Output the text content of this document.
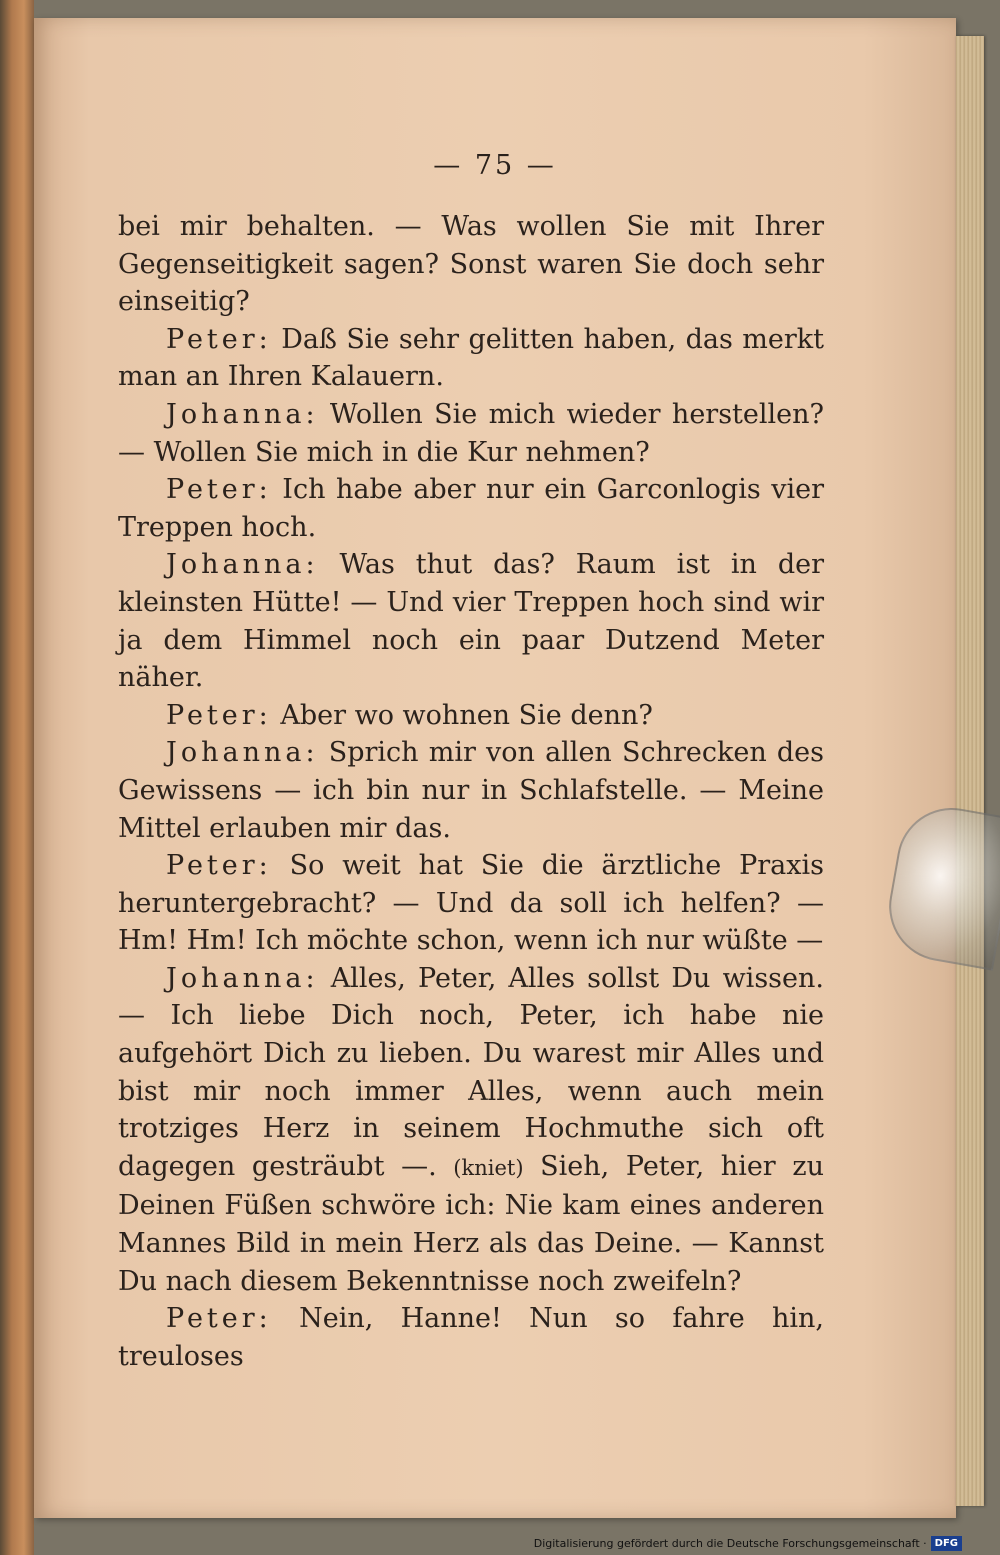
— 75 —

bei mir behalten. — Was wollen Sie mit Ihrer Gegenseitigkeit sagen? Sonst waren Sie doch sehr einseitig?

Peter: Daß Sie sehr gelitten haben, das merkt man an Ihren Kalauern.

Johanna: Wollen Sie mich wieder herstellen? — Wollen Sie mich in die Kur nehmen?

Peter: Ich habe aber nur ein Garconlogis vier Treppen hoch.

Johanna: Was thut das? Raum ist in der kleinsten Hütte! — Und vier Treppen hoch sind wir ja dem Himmel noch ein paar Dutzend Meter näher.

Peter: Aber wo wohnen Sie denn?

Johanna: Sprich mir von allen Schrecken des Gewissens — ich bin nur in Schlafstelle. — Meine Mittel erlauben mir das.

Peter: So weit hat Sie die ärztliche Praxis heruntergebracht? — Und da soll ich helfen? — Hm! Hm! Ich möchte schon, wenn ich nur wüßte —

Johanna: Alles, Peter, Alles sollst Du wissen. — Ich liebe Dich noch, Peter, ich habe nie aufgehört Dich zu lieben. Du warest mir Alles und bist mir noch immer Alles, wenn auch mein trotziges Herz in seinem Hochmuthe sich oft dagegen gesträubt —. (kniet) Sieh, Peter, hier zu Deinen Füßen schwöre ich: Nie kam eines anderen Mannes Bild in mein Herz als das Deine. — Kannst Du nach diesem Bekenntnisse noch zweifeln?

Peter: Nein, Hanne! Nun so fahre hin, treuloses

Digitalisierung gefördert durch die Deutsche Forschungsgemeinschaft · DFG
